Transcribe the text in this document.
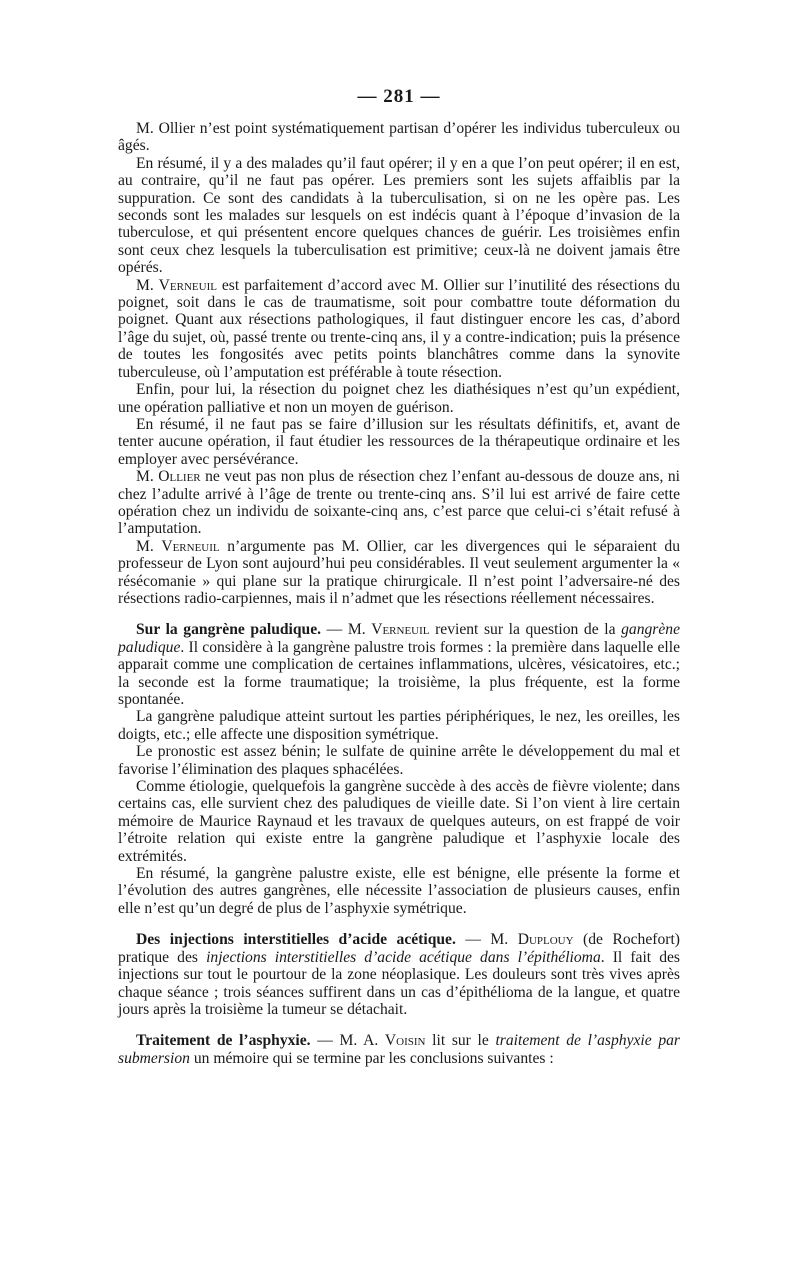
— 281 —

M. Ollier n’est point systématiquement partisan d’opérer les individus tuberculeux ou âgés.

En résumé, il y a des malades qu’il faut opérer; il y en a que l’on peut opérer; il en est, au contraire, qu’il ne faut pas opérer. Les premiers sont les sujets affaiblis par la suppuration. Ce sont des candidats à la tuberculisation, si on ne les opère pas. Les seconds sont les malades sur lesquels on est indécis quant à l’époque d’invasion de la tuberculose, et qui présentent encore quelques chances de guérir. Les troisièmes enfin sont ceux chez lesquels la tuberculisation est primitive; ceux-là ne doivent jamais être opérés.

M. Verneuil est parfaitement d’accord avec M. Ollier sur l’inutilité des résections du poignet, soit dans le cas de traumatisme, soit pour combattre toute déformation du poignet. Quant aux résections pathologiques, il faut distinguer encore les cas, d’abord l’âge du sujet, où, passé trente ou trente-cinq ans, il y a contre-indication; puis la présence de toutes les fongosités avec petits points blanchâtres comme dans la synovite tuberculeuse, où l’amputation est préférable à toute résection.

Enfin, pour lui, la résection du poignet chez les diathésiques n’est qu’un expédient, une opération palliative et non un moyen de guérison.

En résumé, il ne faut pas se faire d’illusion sur les résultats définitifs, et, avant de tenter aucune opération, il faut étudier les ressources de la thérapeutique ordinaire et les employer avec persévérance.

M. Ollier ne veut pas non plus de résection chez l’enfant au-dessous de douze ans, ni chez l’adulte arrivé à l’âge de trente ou trente-cinq ans. S’il lui est arrivé de faire cette opération chez un individu de soixante-cinq ans, c’est parce que celui-ci s’était refusé à l’amputation.

M. Verneuil n’argumente pas M. Ollier, car les divergences qui le séparaient du professeur de Lyon sont aujourd’hui peu considérables. Il veut seulement argumenter la « résécomanie » qui plane sur la pratique chirurgicale. Il n’est point l’adversaire-né des résections radio-carpiennes, mais il n’admet que les résections réellement nécessaires.

Sur la gangrène paludique. — M. Verneuil revient sur la question de la gangrène paludique. Il considère à la gangrène palustre trois formes : la première dans laquelle elle apparait comme une complication de certaines inflammations, ulcères, vésicatoires, etc.; la seconde est la forme traumatique; la troisième, la plus fréquente, est la forme spontanée.

La gangrène paludique atteint surtout les parties périphériques, le nez, les oreilles, les doigts, etc.; elle affecte une disposition symétrique.

Le pronostic est assez bénin; le sulfate de quinine arrête le développement du mal et favorise l’élimination des plaques sphacélées.

Comme étiologie, quelquefois la gangrène succède à des accès de fièvre violente; dans certains cas, elle survient chez des paludiques de vieille date. Si l’on vient à lire certain mémoire de Maurice Raynaud et les travaux de quelques auteurs, on est frappé de voir l’étroite relation qui existe entre la gangrène paludique et l’asphyxie locale des extrémités.

En résumé, la gangrène palustre existe, elle est bénigne, elle présente la forme et l’évolution des autres gangrènes, elle nécessite l’association de plusieurs causes, enfin elle n’est qu’un degré de plus de l’asphyxie symétrique.

Des injections interstitielles d’acide acétique. — M. Duplouy (de Rochefort) pratique des injections interstitielles d’acide acétique dans l’épithélioma. Il fait des injections sur tout le pourtour de la zone néoplasique. Les douleurs sont très vives après chaque séance ; trois séances suffirent dans un cas d’épithélioma de la langue, et quatre jours après la troisième la tumeur se détachait.

Traitement de l’asphyxie. — M. A. Voisin lit sur le traitement de l’asphyxie par submersion un mémoire qui se termine par les conclusions suivantes :
